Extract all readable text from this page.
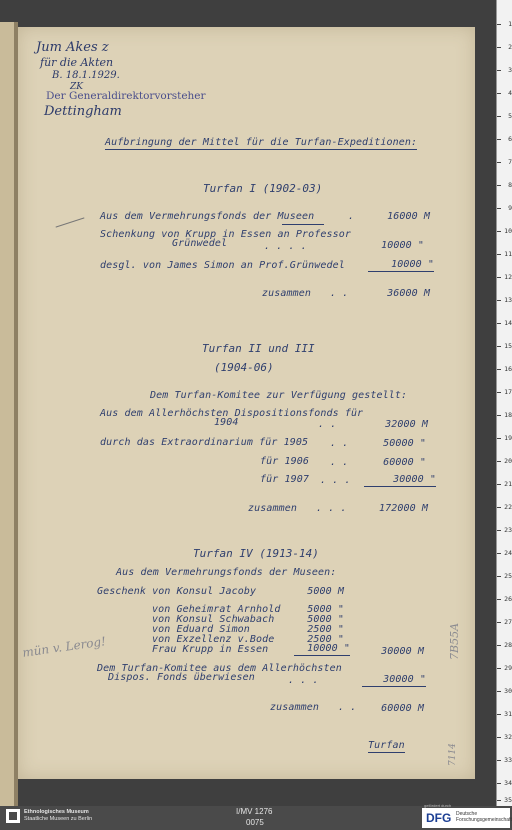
Jum Akes z
für die Akten
B. 18.1.1929.
ZK
Der Generaldirektorvorsteher
Dettingham
Aufbringung der Mittel für die Turfan-Expeditionen:
Turfan I (1902-03)
Aus dem Vermehrungsfonds der Museen	.	16000 M
Schenkung von Krupp in Essen an Professor
Grünwedel	. . . .	10000 "
desgl. von James Simon an Prof.Grünwedel	10000 "
zusammen . .	36000 M
Turfan II und III
(1904-06)
Dem Turfan-Komitee zur Verfügung gestellt:
Aus dem Allerhöchsten Dispositionsfonds für
1904	. .	32000 M
durch das Extraordinarium für 1905 . .	50000 "
für 1906 . .	60000 "
für 1907 . . .	30000 "
zusammen . . .	172000 M
Turfan IV (1913-14)
Aus dem Vermehrungsfonds der Museen:
Geschenk von Konsul Jacoby	5000 M
von Geheimrat Arnhold	5000 "
von Konsul Schwabach	5000 "
von Eduard Simon	2500 "
von Exzellenz v.Bode	2500 "
Frau Krupp in Essen	10000 "	30000 M
Dem Turfan-Komitee aus dem Allerhöchsten
Dispos. Fonds überwiesen	. . .	30000 "
zusammen . .	60000 M
Turfan
mün v. Lerog!	7B55A
7114
1
2
3
4
5
6
7
8
9
10
11
12
13
14
15
16
17
18
19
20
21
22
23
24
25
26
27
28
29
30
31
32
33
34
35
Ethnologisches Museum
Staatliche Museen zu Berlin
I/MV 1276
0075
gefördert durch
DFG Deutsche
Forschungsgemeinschaft
